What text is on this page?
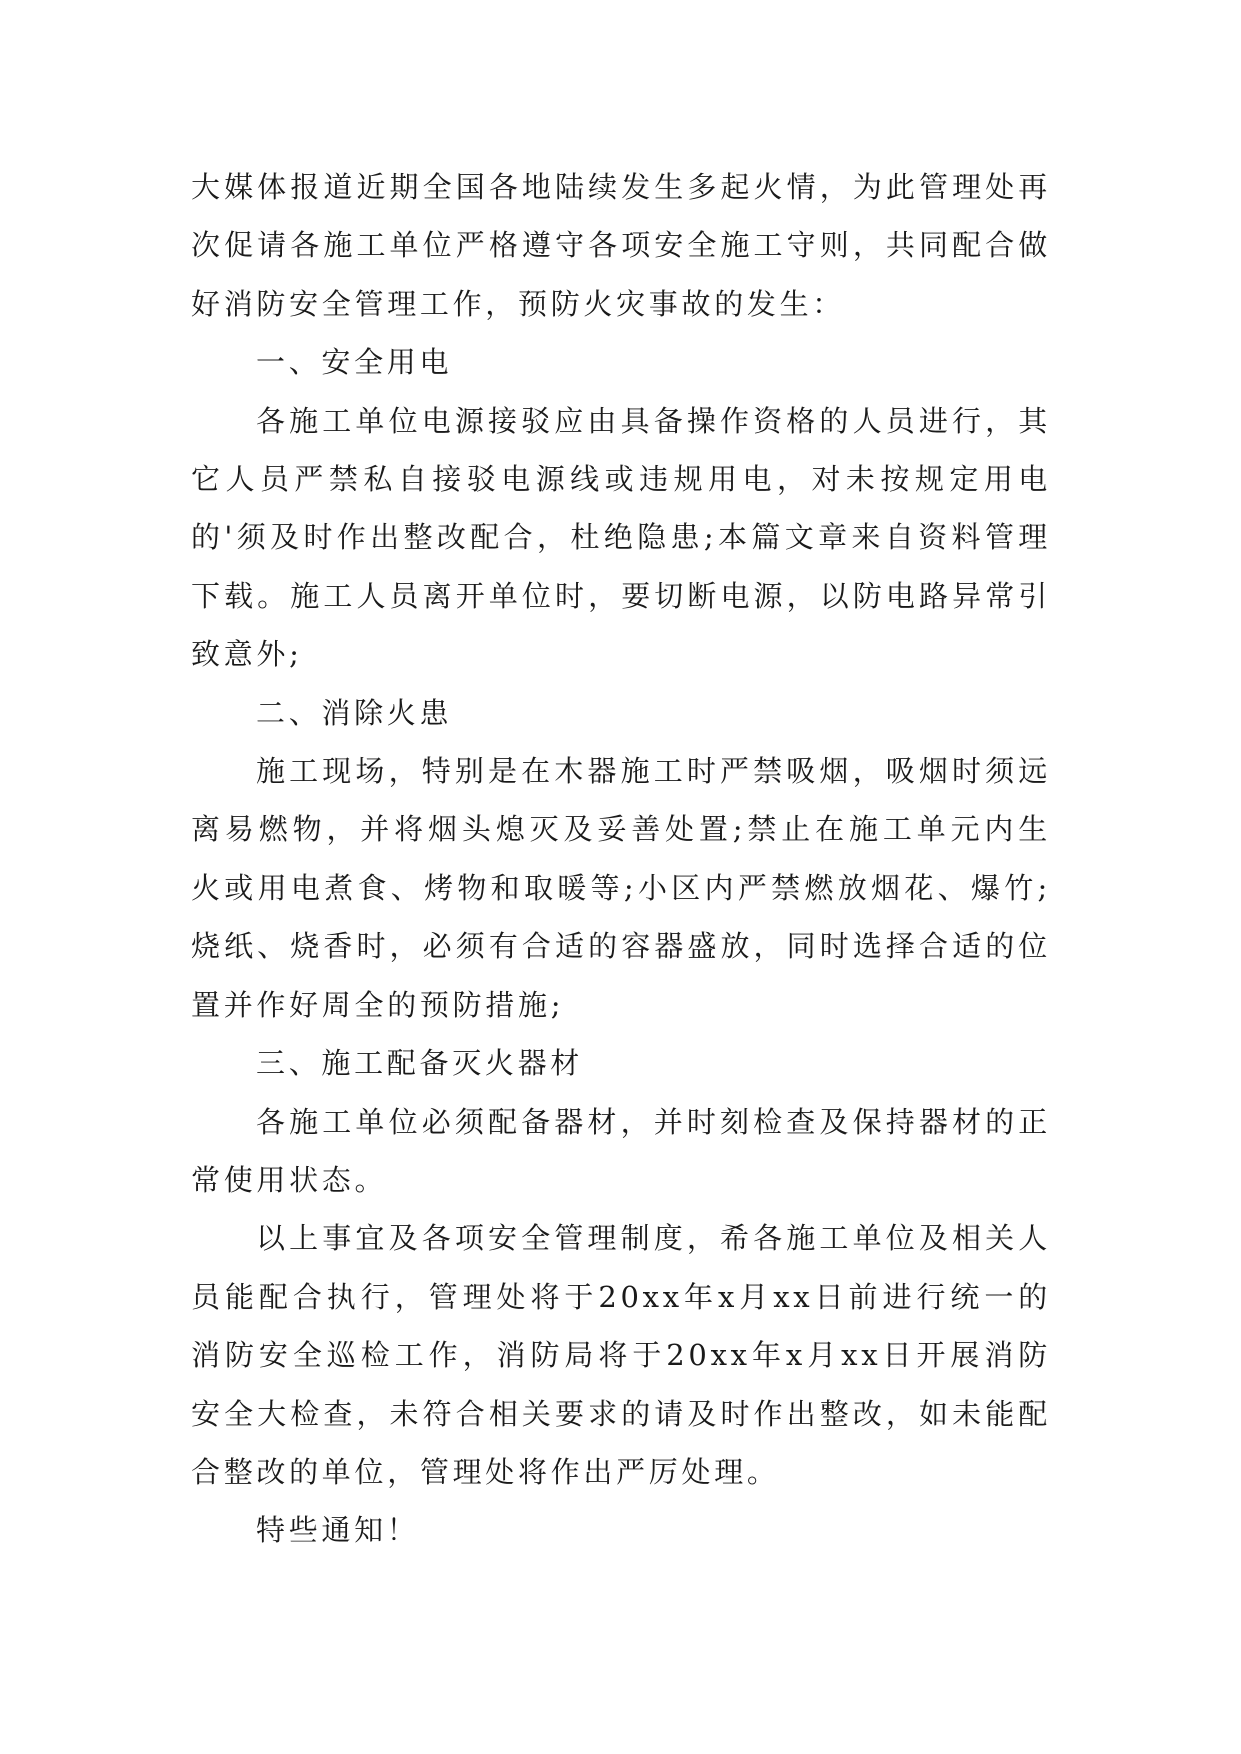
大媒体报道近期全国各地陆续发生多起火情，为此管理处再次促请各施工单位严格遵守各项安全施工守则，共同配合做好消防安全管理工作，预防火灾事故的发生：

一、安全用电

各施工单位电源接驳应由具备操作资格的人员进行，其它人员严禁私自接驳电源线或违规用电，对未按规定用电的'须及时作出整改配合，杜绝隐患;本篇文章来自资料管理下载。施工人员离开单位时，要切断电源，以防电路异常引致意外;

二、消除火患

施工现场，特别是在木器施工时严禁吸烟，吸烟时须远离易燃物，并将烟头熄灭及妥善处置;禁止在施工单元内生火或用电煮食、烤物和取暖等;小区内严禁燃放烟花、爆竹;烧纸、烧香时，必须有合适的容器盛放，同时选择合适的位置并作好周全的预防措施;

三、施工配备灭火器材

各施工单位必须配备器材，并时刻检查及保持器材的正常使用状态。

以上事宜及各项安全管理制度，希各施工单位及相关人员能配合执行，管理处将于20xx年x月xx日前进行统一的消防安全巡检工作，消防局将于20xx年x月xx日开展消防安全大检查，未符合相关要求的请及时作出整改，如未能配合整改的单位，管理处将作出严厉处理。

特些通知！
